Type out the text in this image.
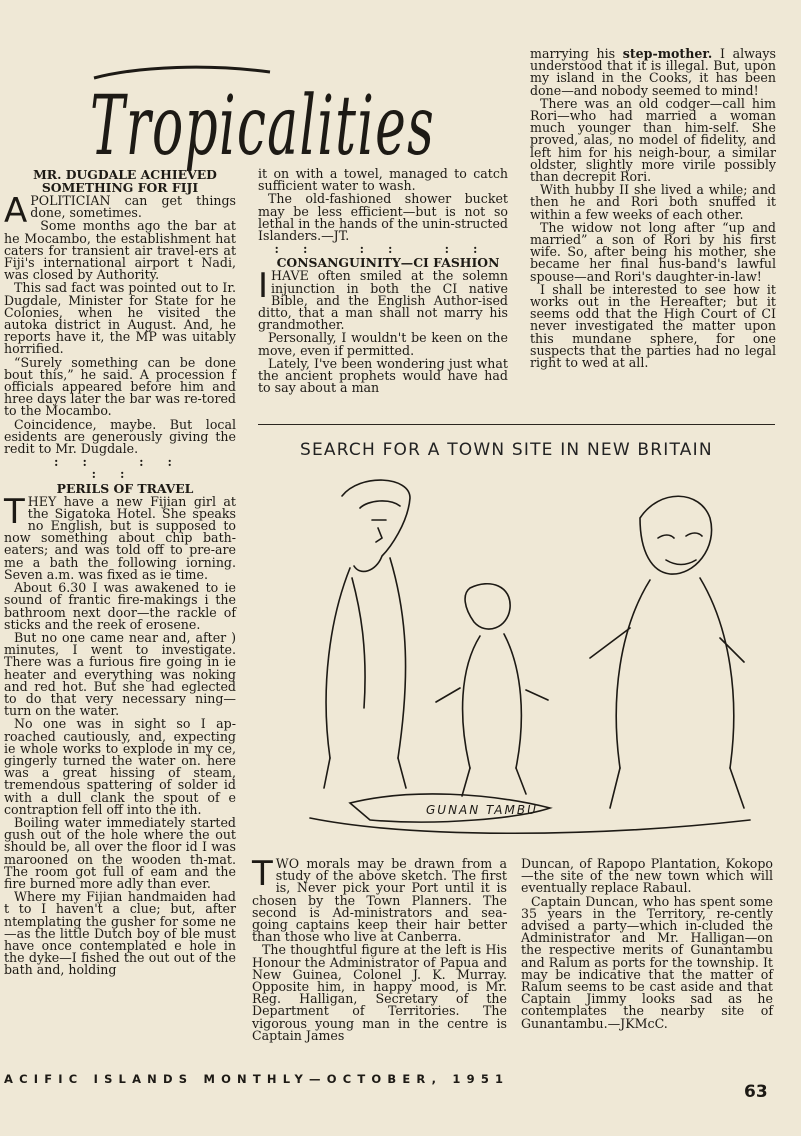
Tropicalities

MR. DUGDALE ACHIEVED SOMETHING FOR FIJI

APOLITICIAN can get things done, sometimes.

Some months ago the bar at he Mocambo, the establishment hat caters for transient air travel-ers at Fiji's international airport t Nadi, was closed by Authority.

This sad fact was pointed out to Ir. Dugdale, Minister for State for he Colonies, when he visited the autoka district in August. And, he reports have it, the MP was uitably horrified.

“Surely something can be done bout this,” he said. A procession f officials appeared before him and hree days later the bar was re-tored to the Mocambo.

Coincidence, maybe. But local esidents are generously giving the redit to Mr. Dugdale.

:: :: ::

PERILS OF TRAVEL

THEY have a new Fijian girl at the Sigatoka Hotel. She speaks no English, but is supposed to now something about chip bath-eaters; and was told off to pre-are me a bath the following iorning. Seven a.m. was fixed as ie time.

About 6.30 I was awakened to ie sound of frantic fire-makings i the bathroom next door—the rackle of sticks and the reek of erosene.

But no one came near and, after ) minutes, I went to investigate. There was a furious fire going in ie heater and everything was noking and red hot. But she had eglected to do that very necessary ning—turn on the water.

No one was in sight so I ap-roached cautiously, and, expecting ie whole works to explode in my ce, gingerly turned the water on. here was a great hissing of steam, tremendous spattering of solder id with a dull clank the spout of e contraption fell off into the ith.

Boiling water immediately started gush out of the hole where the out should be, all over the floor id I was marooned on the wooden th-mat. The room got full of eam and the fire burned more adly than ever.

Where my Fijian handmaiden had t to I haven't a clue; but, after ntemplating the gusher for some ne—as the little Dutch boy of ble must have once contemplated e hole in the dyke—I fished the out out of the bath and, holding

it on with a towel, managed to catch sufficient water to wash.

The old-fashioned shower bucket may be less efficient—but is not so lethal in the hands of the unin-structed Islanders.—JT.

:: :: ::

CONSANGUINITY—CI FASHION

IHAVE often smiled at the solemn injunction in both the CI native Bible, and the English Author-ised ditto, that a man shall not marry his grandmother.

Personally, I wouldn't be keen on the move, even if permitted.

Lately, I've been wondering just what the ancient prophets would have had to say about a man

marrying his step-mother. I always understood that it is illegal. But, upon my island in the Cooks, it has been done—and nobody seemed to mind!

There was an old codger—call him Rori—who had married a woman much younger than him-self. She proved, alas, no model of fidelity, and left him for his neigh-bour, a similar oldster, slightly more virile possibly than decrepit Rori.

With hubby II she lived a while; and then he and Rori both snuffed it within a few weeks of each other.

The widow not long after “up and married” a son of Rori by his first wife. So, after being his mother, she became her final hus-band's lawful spouse—and Rori's daughter-in-law!

I shall be interested to see how it works out in the Hereafter; but it seems odd that the High Court of CI never investigated the matter upon this mundane sphere, for one suspects that the parties had no legal right to wed at all.

SEARCH FOR A TOWN SITE IN NEW BRITAIN
GUNAN TAMBU

TWO morals may be drawn from a study of the above sketch. The first is, Never pick your Port until it is chosen by the Town Planners. The second is Ad-ministrators and sea-going captains keep their hair better than those who live at Canberra.

The thoughtful figure at the left is His Honour the Administrator of Papua and New Guinea, Colonel J. K. Murray. Opposite him, in happy mood, is Mr. Reg. Halligan, Secretary of the Department of Territories. The vigorous young man in the centre is Captain James

Duncan, of Rapopo Plantation, Kokopo—the site of the new town which will eventually replace Rabaul.

Captain Duncan, who has spent some 35 years in the Territory, re-cently advised a party—which in-cluded the Administrator and Mr. Halligan—on the respective merits of Gunantambu and Ralum as ports for the township. It may be indicative that the matter of Ralum seems to be cast aside and that Captain Jimmy looks sad as he contemplates the nearby site of Gunantambu.—JKMcC.

ACIFIC ISLANDS MONTHLY—OCTOBER, 1951
63
